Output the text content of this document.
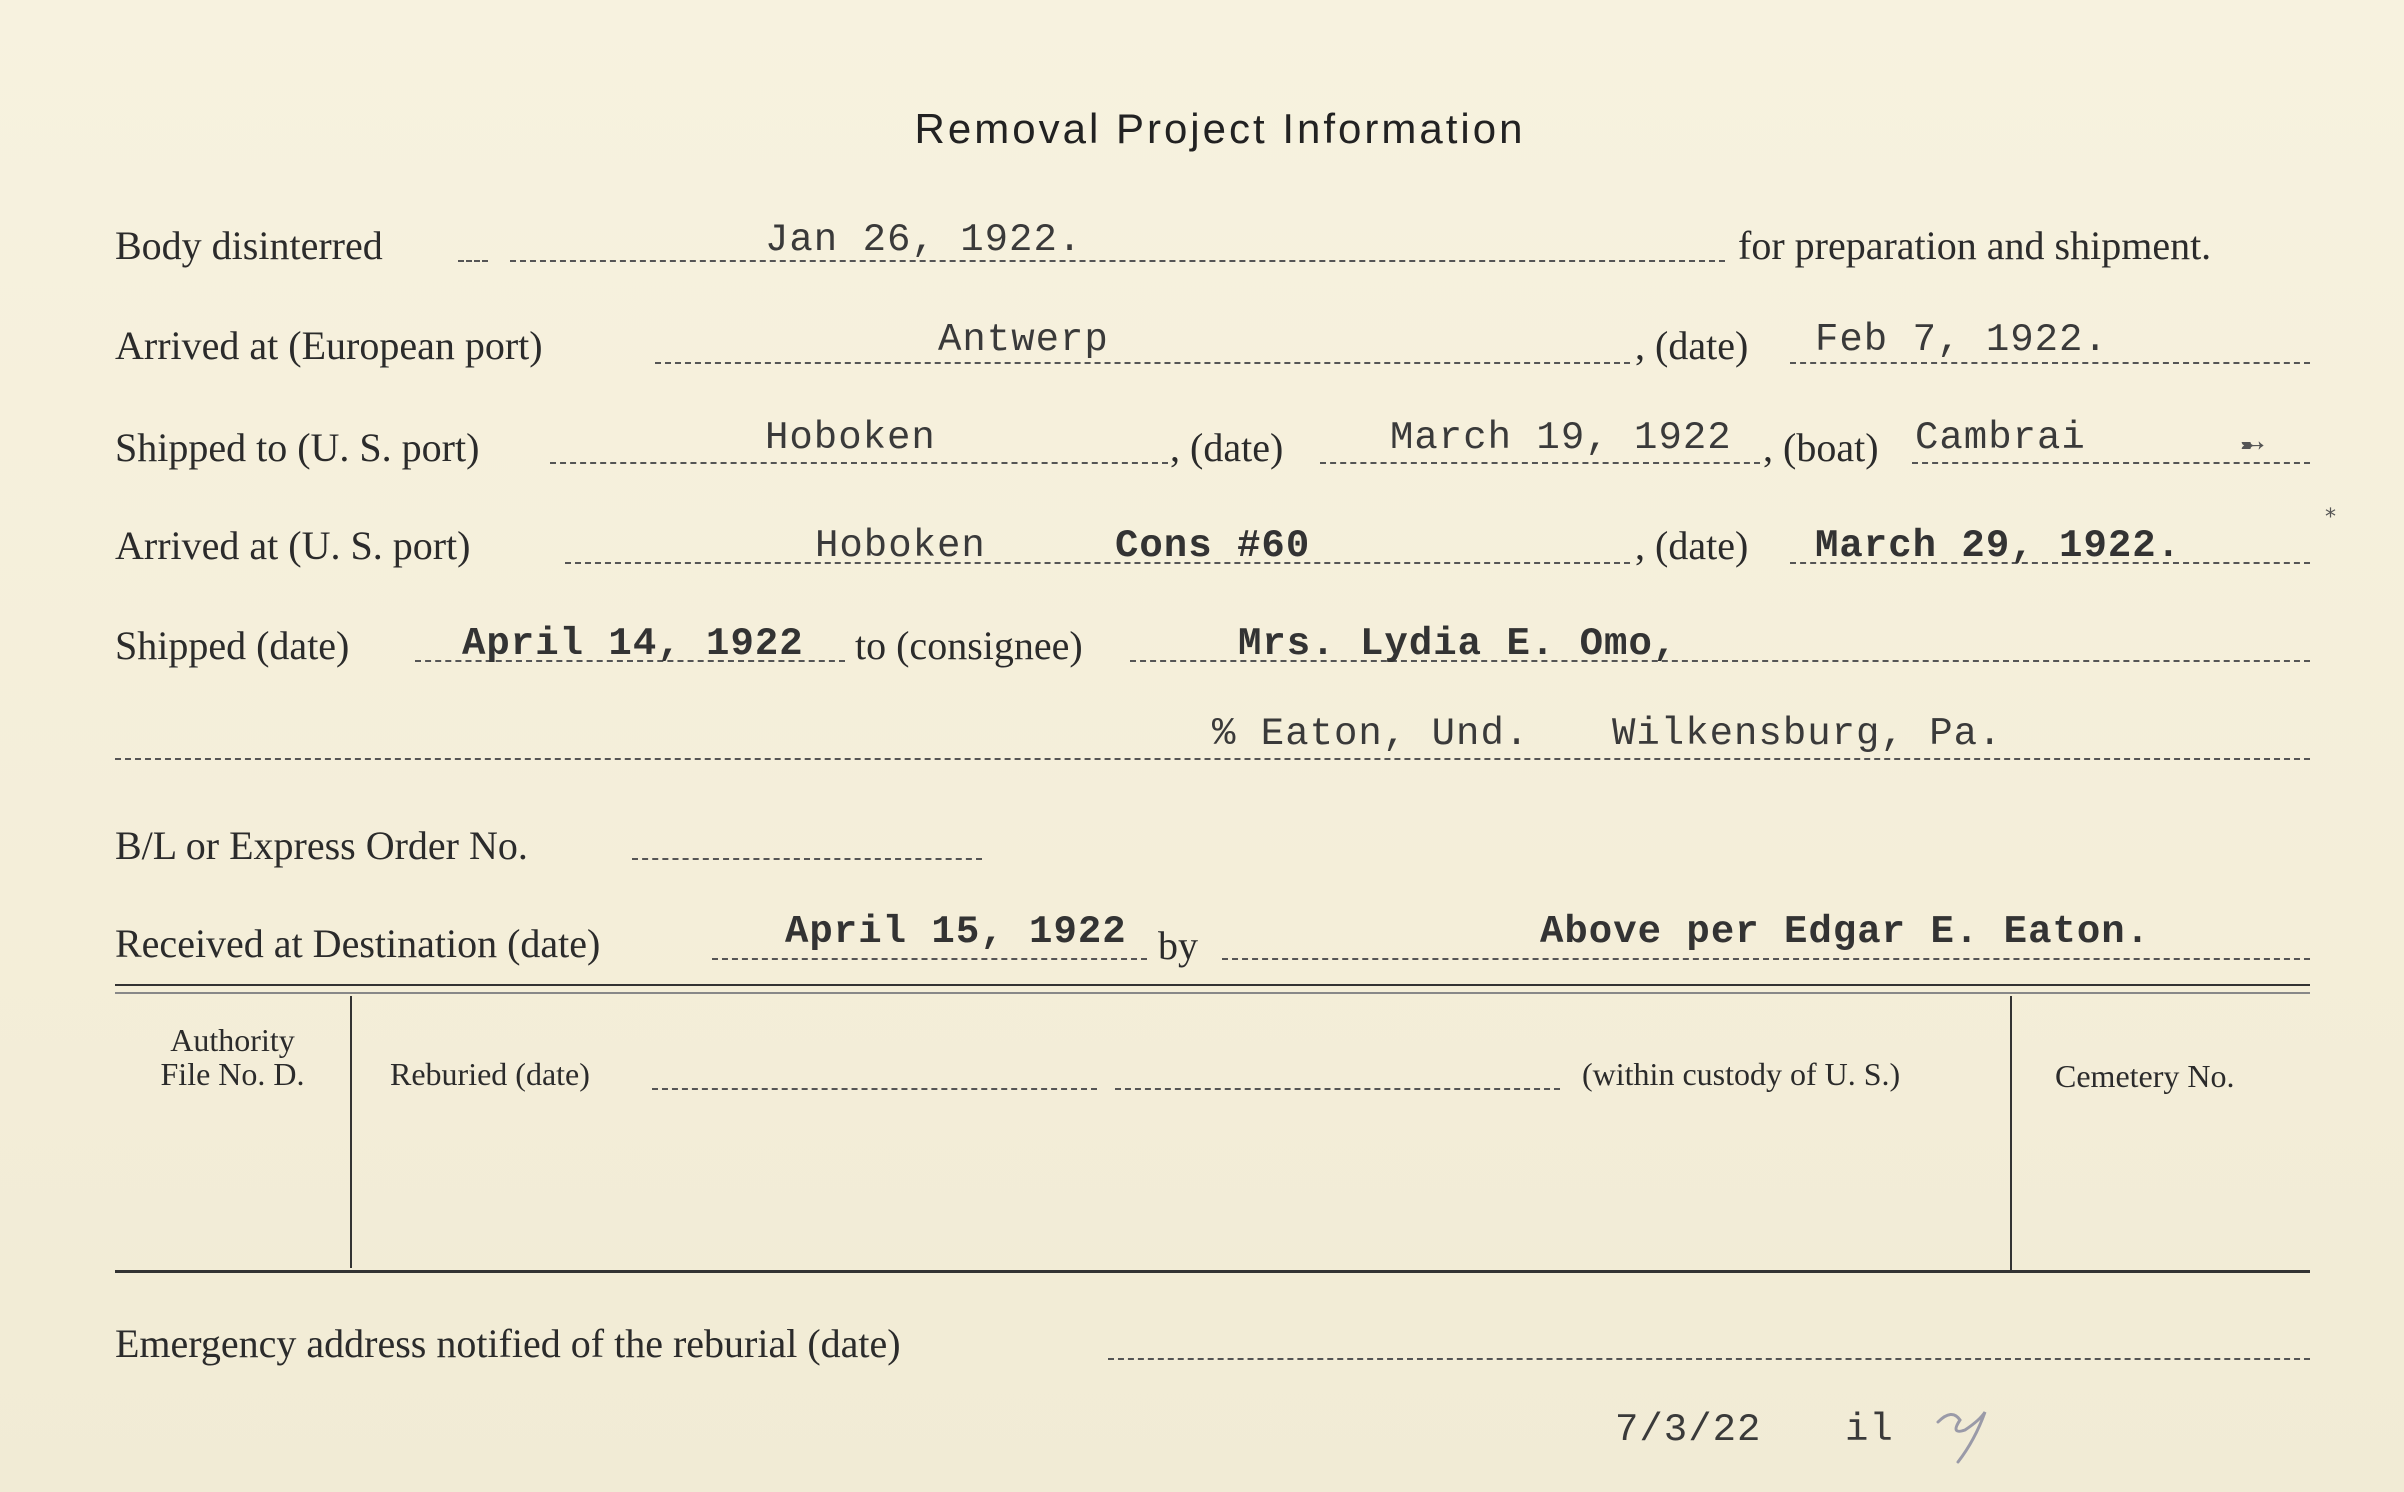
Removal Project Information
Body disinterred	Jan 26, 1922.	for preparation and shipment.
Arrived at (European port)	Antwerp	, (date) Feb 7, 1922.
Shipped to (U. S. port)	Hoboken	, (date)	March 19, 1922 , (boat) Cambrai
Arrived at (U. S. port)	Hoboken	Cons #60	, (date) March 29, 1922.
Shipped (date)	April 14, 1922 to (consignee)	Mrs. Lydia E. Omo,
% Eaton, Und. Wilkensburg, Pa.
B/L or Express Order No.
Received at Destination (date)	April 15, 1922 by	Above per Edgar E. Eaton.
Authority
File No. D.	Reburied (date)	(within custody of U. S.)	Cemetery No.
Emergency address notified of the reburial (date)
7/3/22 il
➸
*
